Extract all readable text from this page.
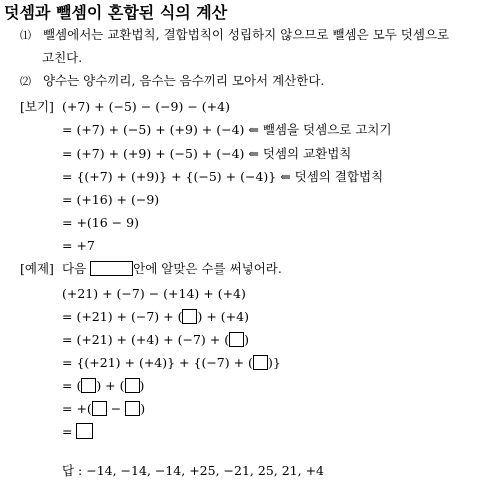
덧셈과 뺄셈이 혼합된 식의 계산
⑴ 뺄셈에서는 교환법칙, 결합법칙이 성립하지 않으므로 뺄셈은 모두 덧셈으로
고친다.
⑵ 양수는 양수끼리, 음수는 음수끼리 모아서 계산한다.
[보기] (+7) + (−5) − (−9) − (+4)
= (+7) + (−5) + (+9) + (−4) ⇐ 뺄셈을 덧셈으로 고치기
= (+7) + (+9) + (−5) + (−4) ⇐ 덧셈의 교환법칙
= {(+7) + (+9)} + {(−5) + (−4)} ⇐ 덧셈의 결합법칙
= (+16) + (−9)
= +(16 − 9)
= +7
[예제] 다음	안에 알맞은 수를 써넣어라.
(+21) + (−7) − (+14) + (+4)
= (+21) + (−7) + ( ) + (+4)
= (+21) + (+4) + (−7) + ( )
= {(+21) + (+4)} + {(−7) + ( )}
= ( ) + ( )
= +( − )
=
답 : −14, −14, −14, +25, −21, 25, 21, +4
